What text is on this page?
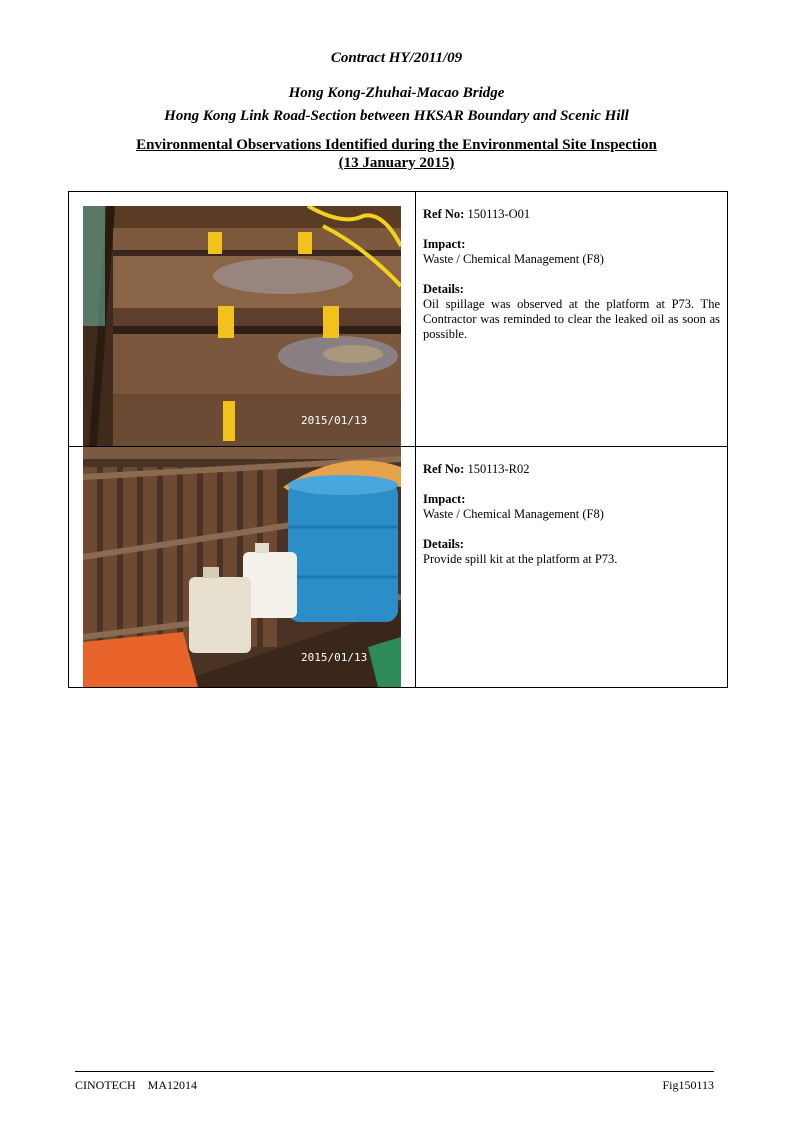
Contract HY/2011/09
Hong Kong-Zhuhai-Macao Bridge
Hong Kong Link Road-Section between HKSAR Boundary and Scenic Hill
Environmental Observations Identified during the Environmental Site Inspection
(13 January 2015)
2015/01/13	Ref No: 150113-O01
Impact:
Waste / Chemical Management (F8)
Details:
Oil spillage was observed at the platform at P73. The Contractor was reminded to clear the leaked oil as soon as possible.

2015/01/13	Ref No: 150113-R02
Impact:
Waste / Chemical Management (F8)
Details:
Provide spill kit at the platform at P73.
CINOTECH    MA12014	Fig150113
